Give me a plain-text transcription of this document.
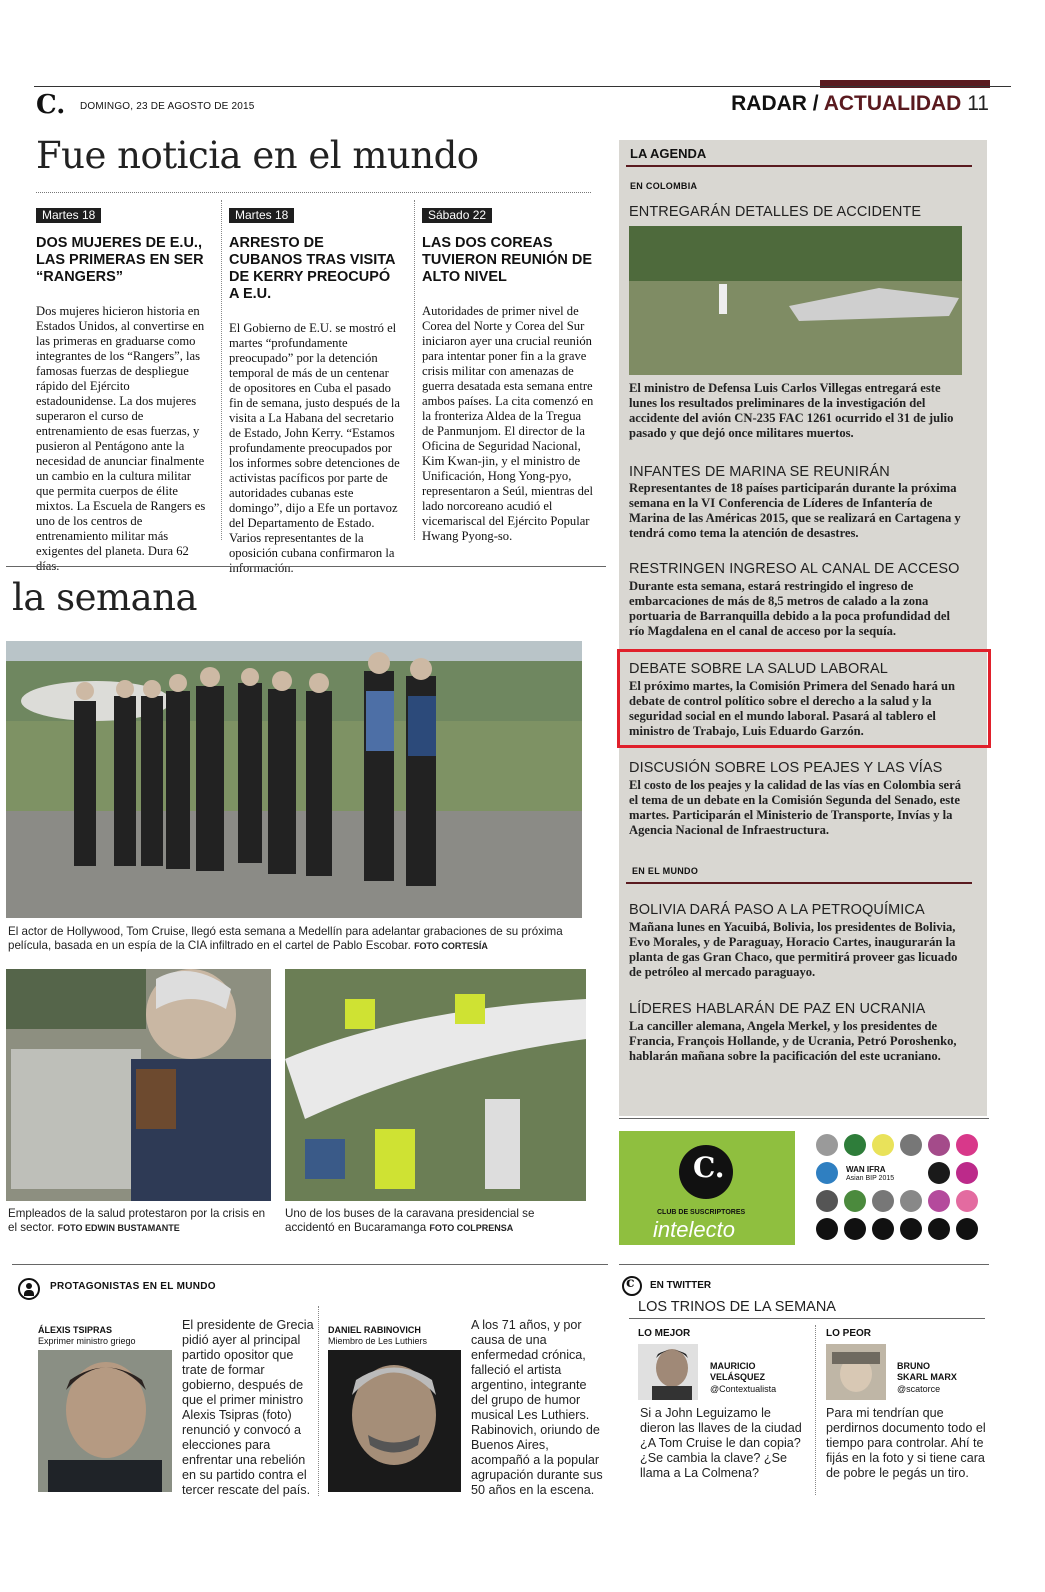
C. DOMINGO, 23 DE AGOSTO DE 2015	RADAR / ACTUALIDAD 11
Fue noticia en el mundo
Martes 18
DOS MUJERES DE E.U., LAS PRIMERAS EN SER “RANGERS”

Dos mujeres hicieron historia en Estados Unidos, al convertirse en las primeras en graduarse como integrantes de los “Rangers”, las famosas fuerzas de despliegue rápido del Ejército estadounidense. La dos mujeres superaron el curso de entrenamiento de esas fuerzas, y pusieron al Pentágono ante la necesidad de anunciar finalmente un cambio en la cultura militar que permita cuerpos de élite mixtos. La Escuela de Rangers es uno de los centros de entrenamiento militar más exigentes del planeta. Dura 62 días.

Martes 18
ARRESTO DE CUBANOS TRAS VISITA DE KERRY PREOCUPÓ A E.U.

El Gobierno de E.U. se mostró el martes “profundamente preocupado” por la detención temporal de más de un centenar de opositores en Cuba el pasado fin de semana, justo después de la visita a La Habana del secretario de Estado, John Kerry. “Estamos profundamente preocupados por los informes sobre detenciones de activistas pacíficos por parte de autoridades cubanas este domingo”, dijo a Efe un portavoz del Departamento de Estado. Varios representantes de la oposición cubana confirmaron la información.

Sábado 22
LAS DOS COREAS TUVIERON REUNIÓN DE ALTO NIVEL

Autoridades de primer nivel de Corea del Norte y Corea del Sur iniciaron ayer una crucial reunión para intentar poner fin a la grave crisis militar con amenazas de guerra desatada esta semana entre ambos países. La cita comenzó en la fronteriza Aldea de la Tregua de Panmunjom. El director de la Oficina de Seguridad Nacional, Kim Kwan-jin, y el ministro de Unificación, Hong Yong-pyo, representaron a Seúl, mientras del lado norcoreano acudió el vicemariscal del Ejército Popular Hwang Pyong-so.

la semana
El actor de Hollywood, Tom Cruise, llegó esta semana a Medellín para adelantar grabaciones de su próxima película, basada en un espía de la CIA infiltrado en el cartel de Pablo Escobar. FOTO CORTESÍA
Empleados de la salud protestaron por la crisis en el sector. FOTO EDWIN BUSTAMANTE
Uno de los buses de la caravana presidencial se accidentó en Bucaramanga FOTO COLPRENSA
LA AGENDA
EN COLOMBIA
ENTREGARÁN DETALLES DE ACCIDENTE
El ministro de Defensa Luis Carlos Villegas entregará este lunes los resultados preliminares de la investigación del accidente del avión CN-235 FAC 1261 ocurrido el 31 de julio pasado y que dejó once militares muertos.
INFANTES DE MARINA SE REUNIRÁN
Representantes de 18 países participarán durante la próxima semana en la VI Conferencia de Líderes de Infantería de Marina de las Américas 2015, que se realizará en Cartagena y tendrá como tema la atención de desastres.
RESTRINGEN INGRESO AL CANAL DE ACCESO
Durante esta semana, estará restringido el ingreso de embarcaciones de más de 8,5 metros de calado a la zona portuaria de Barranquilla debido a la poca profundidad del río Magdalena en el canal de acceso por la sequía.
DEBATE SOBRE LA SALUD LABORAL
El próximo martes, la Comisión Primera del Senado hará un debate de control político sobre el derecho a la salud y la seguridad social en el mundo laboral. Pasará al tablero el ministro de Trabajo, Luis Eduardo Garzón.
DISCUSIÓN SOBRE LOS PEAJES Y LAS VÍAS
El costo de los peajes y la calidad de las vías en Colombia será el tema de un debate en la Comisión Segunda del Senado, este martes. Participarán el Ministerio de Transporte, Invías y la Agencia Nacional de Infraestructura.
EN EL MUNDO
BOLIVIA DARÁ PASO A LA PETROQUÍMICA
Mañana lunes en Yacuibá, Bolivia, los presidentes de Bolivia, Evo Morales, y de Paraguay, Horacio Cartes, inaugurarán la planta de gas Gran Chaco, que permitirá proveer gas licuado de petróleo al mercado paraguayo.
LÍDERES HABLARÁN DE PAZ EN UCRANIA
La canciller alemana, Angela Merkel, y los presidentes de Francia, François Hollande, y de Ucrania, Petró Poroshenko, hablarán mañana sobre la pacificación del este ucraniano.
C.
CLUB DE SUSCRIPTORES
intelecto
WAN IFRA
Asian BIP 2015
PROTAGONISTAS EN EL MUNDO
ÁLEXIS TSIPRAS
Exprimer ministro griego
El presidente de Grecia pidió ayer al principal partido opositor que trate de formar gobierno, después de que el primer ministro Alexis Tsipras (foto) renunció y convocó a elecciones para enfrentar una rebelión en su partido contra el tercer rescate del país.
DANIEL RABINOVICH
Miembro de Les Luthiers
A los 71 años, y por causa de una enfermedad crónica, falleció el artista argentino, integrante del grupo de humor musical Les Luthiers. Rabinovich, oriundo de Buenos Aires, acompañó a la popular agrupación durante sus 50 años en la escena.
c EN TWITTER
LOS TRINOS DE LA SEMANA
LO MEJOR
MAURICIO
VELÁSQUEZ
@Contextualista
Si a John Leguizamo le dieron las llaves de la ciudad ¿A Tom Cruise le dan copia? ¿Se cambia la clave? ¿Se llama a La Colmena?
LO PEOR
BRUNO
SKARL MARX
@scatorce
Para mi tendrían que perdirnos documento todo el tiempo para controlar. Ahí te fijás en la foto y si tiene cara de pobre le pegás un tiro.
